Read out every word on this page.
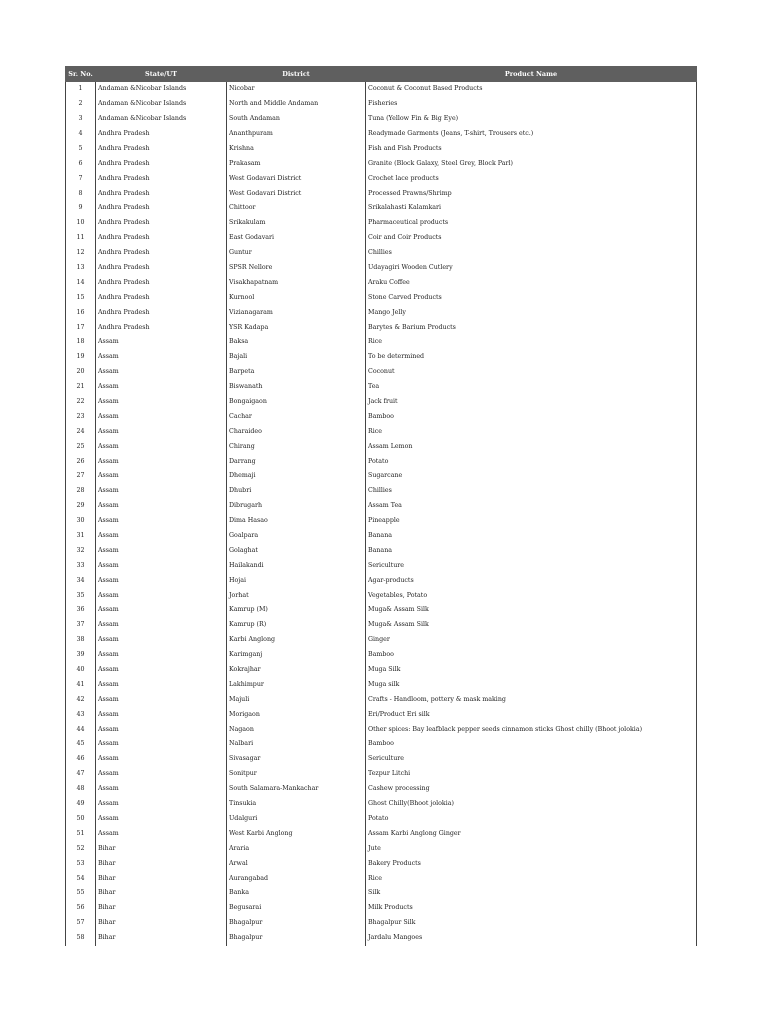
Sr. No.	State/UT	District	Product Name
1	Andaman &Nicobar Islands	Nicobar	Coconut & Coconut Based Products
2	Andaman &Nicobar Islands	North and Middle Andaman	Fisheries
3	Andaman &Nicobar Islands	South Andaman	Tuna (Yellow Fin & Big Eye)
4	Andhra Pradesh	Ananthpuram	Readymade Garments (Jeans, T-shirt, Trousers etc.)
5	Andhra Pradesh	Krishna	Fish and Fish Products
6	Andhra Pradesh	Prakasam	Granite (Block Galaxy, Steel Grey, Block Parl)
7	Andhra Pradesh	West Godavari District	Crochet lace products
8	Andhra Pradesh	West Godavari District	Processed Prawns/Shrimp
9	Andhra Pradesh	Chittoor	Srikalahasti Kalamkari
10	Andhra Pradesh	Srikakulam	Pharmaceutical products
11	Andhra Pradesh	East Godavari	Coir and Coir Products
12	Andhra Pradesh	Guntur	Chillies
13	Andhra Pradesh	SPSR Nellore	Udayagiri Wooden Cutlery
14	Andhra Pradesh	Visakhapatnam	Araku Coffee
15	Andhra Pradesh	Kurnool	Stone Carved Products
16	Andhra Pradesh	Vizianagaram	Mango Jelly
17	Andhra Pradesh	YSR Kadapa	Barytes & Barium Products
18	Assam	Baksa	Rice
19	Assam	Bajali	To be determined
20	Assam	Barpeta	Coconut
21	Assam	Biswanath	Tea
22	Assam	Bongaigaon	Jack fruit
23	Assam	Cachar	Bamboo
24	Assam	Charaideo	Rice
25	Assam	Chirang	Assam Lemon
26	Assam	Darrang	Potato
27	Assam	Dhemaji	Sugarcane
28	Assam	Dhubri	Chillies
29	Assam	Dibrugarh	Assam Tea
30	Assam	Dima Hasao	Pineapple
31	Assam	Goalpara	Banana
32	Assam	Golaghat	Banana
33	Assam	Hailakandi	Sericulture
34	Assam	Hojai	Agar-products
35	Assam	Jorhat	Vegetables, Potato
36	Assam	Kamrup (M)	Muga& Assam Silk
37	Assam	Kamrup (R)	Muga& Assam Silk
38	Assam	Karbi Anglong	Ginger
39	Assam	Karimganj	Bamboo
40	Assam	Kokrajhar	Muga Silk
41	Assam	Lakhimpur	Muga silk
42	Assam	Majuli	Crafts - Handloom, pottery & mask making
43	Assam	Morigaon	Eri/Product Eri silk
44	Assam	Nagaon	Other spices: Bay leafblack pepper seeds cinnamon sticks Ghost chilly (Bhoot jolokia)
45	Assam	Nalbari	Bamboo
46	Assam	Sivasagar	Sericulture
47	Assam	Sonitpur	Tezpur Litchi
48	Assam	South Salamara-Mankachar	Cashew processing
49	Assam	Tinsukia	Ghost Chilly(Bhoot jolokia)
50	Assam	Udalguri	Potato
51	Assam	West Karbi Anglong	Assam Karbi Anglong Ginger
52	Bihar	Araria	Jute
53	Bihar	Arwal	Bakery Products
54	Bihar	Aurangabad	Rice
55	Bihar	Banka	Silk
56	Bihar	Begusarai	Milk Products
57	Bihar	Bhagalpur	Bhagalpur Silk
58	Bihar	Bhagalpur	Jardalu Mangoes
